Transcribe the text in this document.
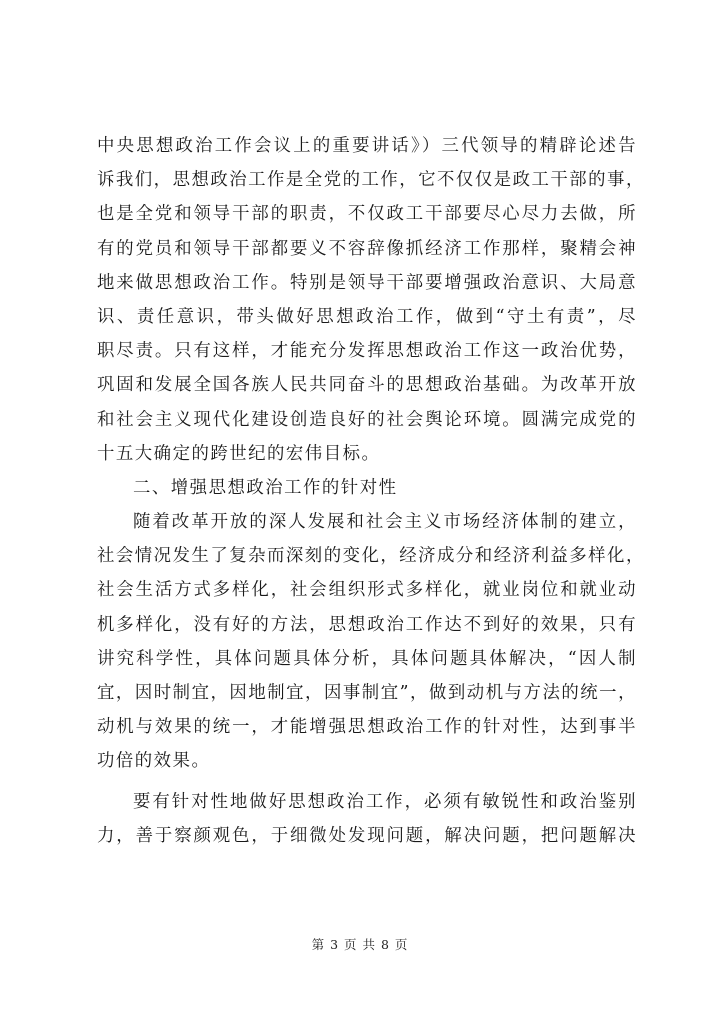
中央思想政治工作会议上的重要讲话》）三代领导的精辟论述告
诉我们，思想政治工作是全党的工作，它不仅仅是政工干部的事，
也是全党和领导干部的职责，不仅政工干部要尽心尽力去做，所
有的党员和领导干部都要义不容辞像抓经济工作那样，聚精会神
地来做思想政治工作。特别是领导干部要增强政治意识、大局意
识、责任意识，带头做好思想政治工作，做到“守土有责”，尽
职尽责。只有这样，才能充分发挥思想政治工作这一政治优势，
巩固和发展全国各族人民共同奋斗的思想政治基础。为改革开放
和社会主义现代化建设创造良好的社会舆论环境。圆满完成党的
十五大确定的跨世纪的宏伟目标。
二、增强思想政治工作的针对性
随着改革开放的深人发展和社会主义市场经济体制的建立，
社会情况发生了复杂而深刻的变化，经济成分和经济利益多样化，
社会生活方式多样化，社会组织形式多样化，就业岗位和就业动
机多样化，没有好的方法，思想政治工作达不到好的效果，只有
讲究科学性，具体问题具体分析，具体问题具体解决，“因人制
宜，因时制宜，因地制宜，因事制宜”，做到动机与方法的统一，
动机与效果的统一，才能增强思想政治工作的针对性，达到事半
功倍的效果。
要有针对性地做好思想政治工作，必须有敏锐性和政治鉴别
力，善于察颜观色，于细微处发现问题，解决问题，把问题解决
第 3 页 共 8 页
